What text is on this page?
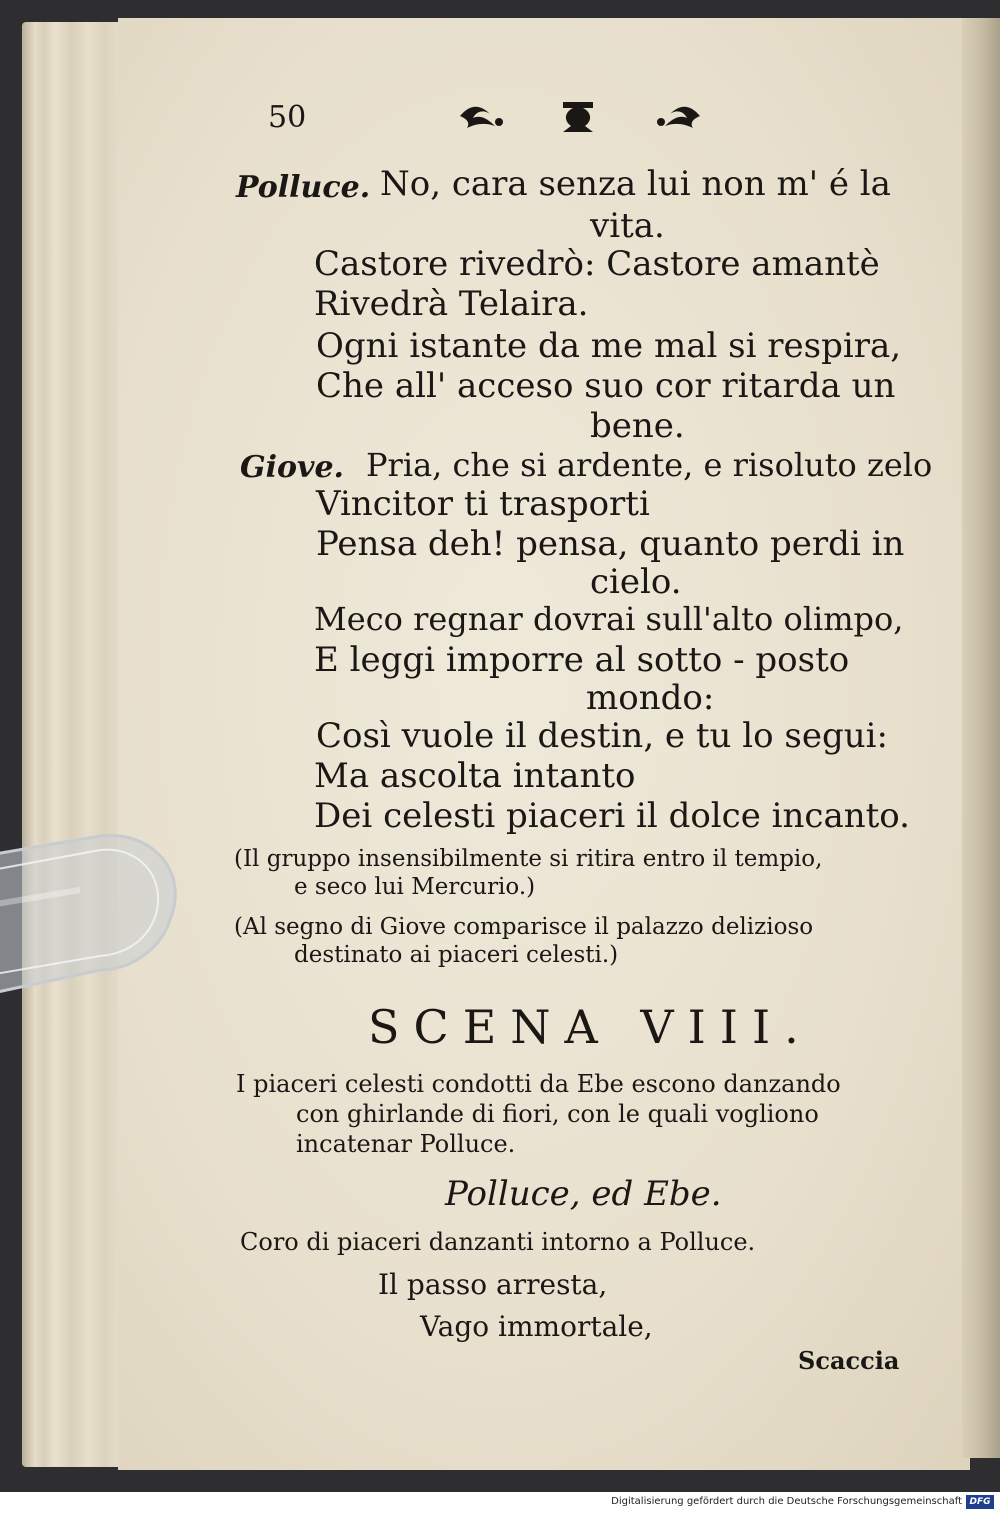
50
Polluce. No, cara senza lui non m' é la
vita.
Castore rivedrò: Castore amantè
Rivedrà Telaira.
Ogni istante da me mal si respira,
Che all' acceso suo cor ritarda un
bene.
Giove. Pria, che si ardente, e risoluto zelo
Vincitor ti trasporti
Pensa deh! pensa, quanto perdi in
cielo.
Meco regnar dovrai sull'alto olimpo,
E leggi imporre al sotto - posto
mondo:
Così vuole il destin, e tu lo segui:
Ma ascolta intanto
Dei celesti piaceri il dolce incanto.
(Il gruppo insensibilmente si ritira entro il tempio,
e seco lui Mercurio.)
(Al segno di Giove comparisce il palazzo delizioso
destinato ai piaceri celesti.)
SCENA VIII.
I piaceri celesti condotti da Ebe escono danzando
con ghirlande di fiori, con le quali vogliono
incatenar Polluce.
Polluce, ed Ebe.
Coro di piaceri danzanti intorno a Polluce.
Il passo arresta,
Vago immortale,
Scaccia
Digitalisierung gefördert durch die Deutsche Forschungsgemeinschaft DFG
